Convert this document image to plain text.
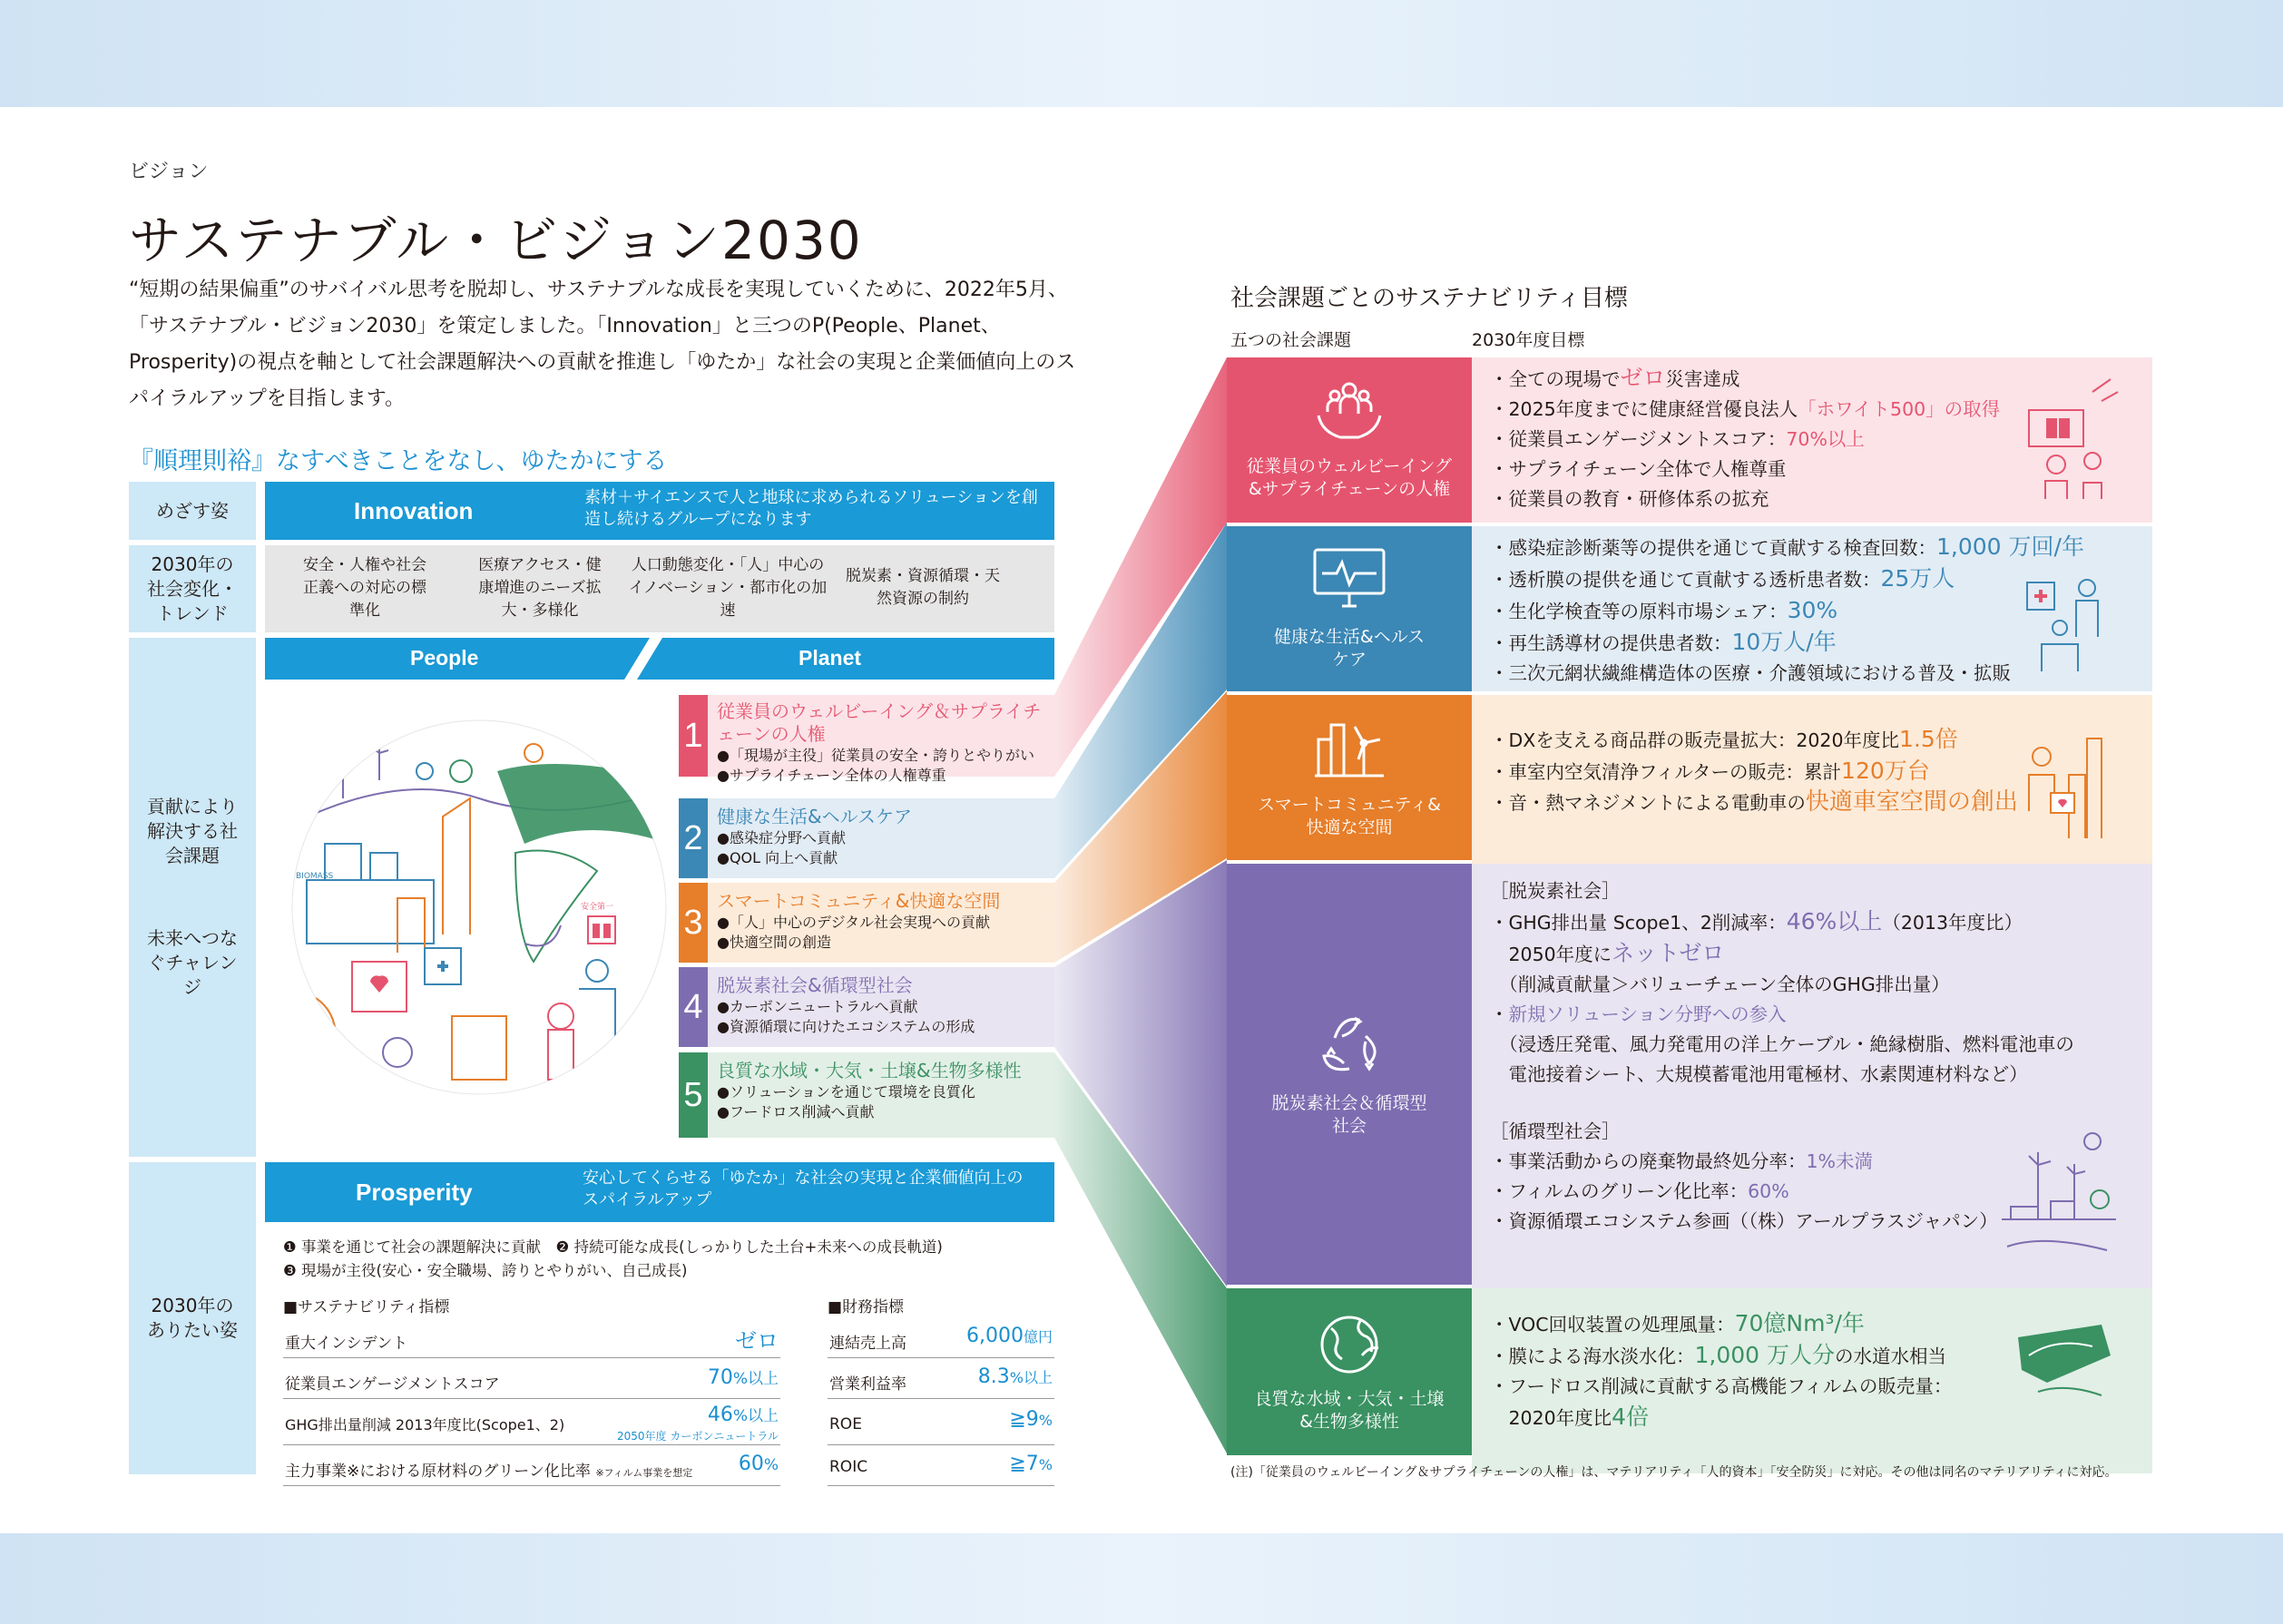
ビジョン
サステナブル・ビジョン2030
“短期の結果偏重”のサバイバル思考を脱却し、サステナブルな成長を実現していくために、2022年5月、「サステナブル・ビジョン2030」を策定しました。「Innovation」と三つのP(People、Planet、Prosperity)の視点を軸として社会課題解決への貢献を推進し「ゆたか」な社会の実現と企業価値向上のスパイラルアップを目指します。
『順理則裕』なすべきことをなし、ゆたかにする
めざす姿	Innovation	素材＋サイエンスで人と地球に求められるソリューションを創造し続けるグループになります
2030年の社会変化・トレンド
安全・人権や社会正義への対応の標準化
医療アクセス・健康増進のニーズ拡大・多様化
人口動態変化・「人」中心のイノベーション・都市化の加速
脱炭素・資源循環・天然資源の制約
貢献により解決する社会課題
未来へつなぐチャレンジ
People	Planet
BIOMASS
安全第一
1
従業員のウェルビーイング＆サプライチェーンの人権
●「現場が主役」従業員の安全・誇りとやりがい
●サプライチェーン全体の人権尊重
2
健康な生活&ヘルスケア
●感染症分野へ貢献
●QOL 向上へ貢献
3
スマートコミュニティ&快適な空間
●「人」中心のデジタル社会実現への貢献
●快適空間の創造
4
脱炭素社会&循環型社会
●カーボンニュートラルへ貢献
●資源循環に向けたエコシステムの形成
5
良質な水域・大気・土壌&生物多様性
●ソリューションを通じて環境を良質化
●フードロス削減へ貢献
2030年のありたい姿
Prosperity
安心してくらせる「ゆたか」な社会の実現と企業価値向上のスパイラルアップ
❶ 事業を通じて社会の課題解決に貢献　❷ 持続可能な成長(しっかりした土台+未来への成長軌道)
❸ 現場が主役(安心・安全職場、誇りとやりがい、自己成長)
■サステナビリティ指標
重大インシデント	ゼロ
従業員エンゲージメントスコア	70%以上
GHG排出量削減 2013年度比(Scope1、2)	46%以上
2050年度 カーボンニュートラル
主力事業※における原材料のグリーン化比率 ※フィルム事業を想定 60%
■財務指標
連結売上高	6,000億円
営業利益率	8.3%以上
ROE	≧9%
ROIC	≧7%
社会課題ごとのサステナビリティ目標
五つの社会課題	2030年度目標
従業員のウェルビーイング&サプライチェーンの人権
・全ての現場でゼロ災害達成
・2025年度までに健康経営優良法人「ホワイト500」の取得
・従業員エンゲージメントスコア：70%以上
・サプライチェーン全体で人権尊重
・従業員の教育・研修体系の拡充
健康な生活&ヘルスケア
・感染症診断薬等の提供を通じて貢献する検査回数：1,000 万回/年
・透析膜の提供を通じて貢献する透析患者数：25万人
・生化学検査等の原料市場シェア：30%
・再生誘導材の提供患者数：10万人/年
・三次元網状繊維構造体の医療・介護領域における普及・拡販
スマートコミュニティ&快適な空間
・DXを支える商品群の販売量拡大：2020年度比1.5倍
・車室内空気清浄フィルターの販売：累計120万台
・音・熱マネジメントによる電動車の快適車室空間の創出
脱炭素社会＆循環型社会
［脱炭素社会］
・GHG排出量 Scope1、2削減率：46%以上（2013年度比）
　2050年度にネットゼロ
　（削減貢献量＞バリューチェーン全体のGHG排出量）
・新規ソリューション分野への参入
　（浸透圧発電、風力発電用の洋上ケーブル・絶縁樹脂、燃料電池車の
　電池接着シート、大規模蓄電池用電極材、水素関連材料など）
［循環型社会］
・事業活動からの廃棄物最終処分率：1%未満
・フィルムのグリーン化比率：60%
・資源循環エコシステム参画（（株）アールプラスジャパン）
良質な水域・大気・土壌&生物多様性
・VOC回収装置の処理風量：70億Nm³/年
・膜による海水淡水化：1,000 万人分の水道水相当
・フードロス削減に貢献する高機能フィルムの販売量：
　2020年度比4倍
(注)「従業員のウェルビーイング＆サプライチェーンの人権」は、マテリアリティ「人的資本」「安全防災」に対応。その他は同名のマテリアリティに対応。
